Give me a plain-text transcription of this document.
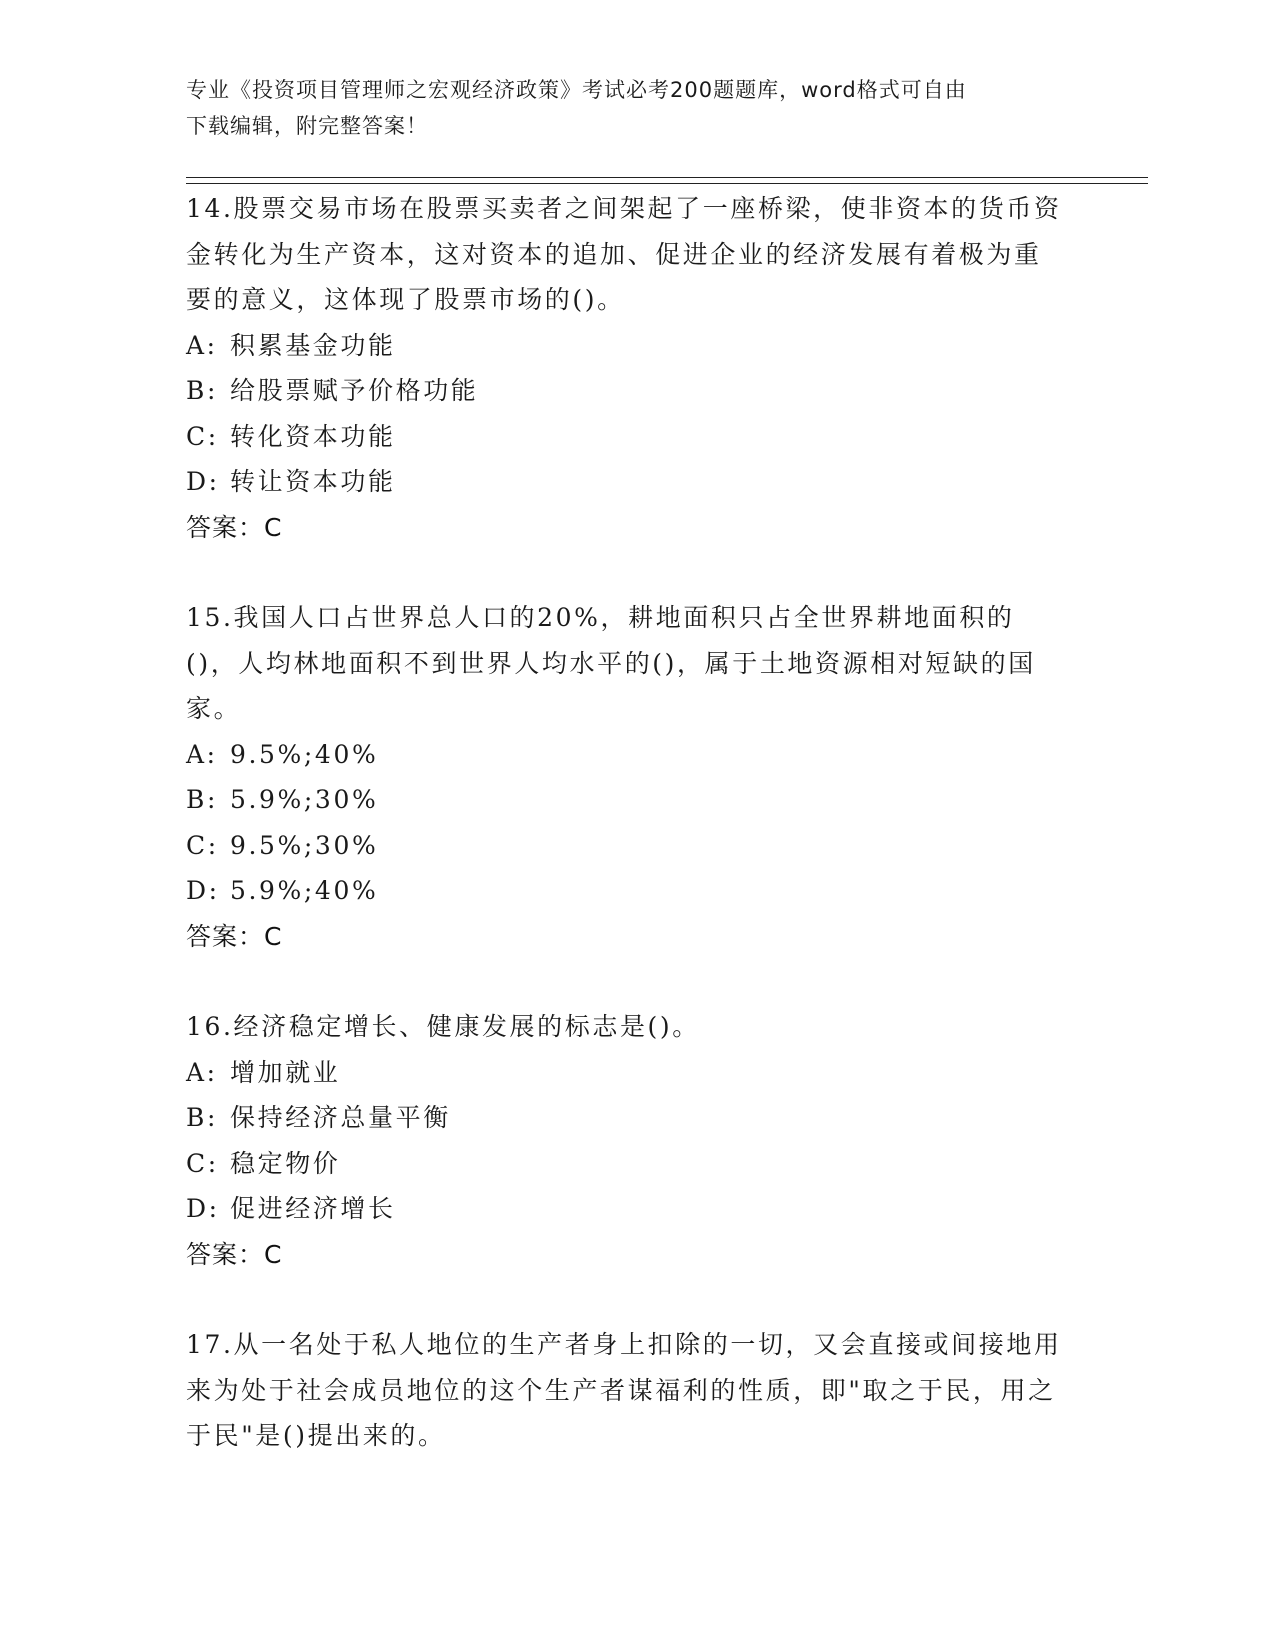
专业《投资项目管理师之宏观经济政策》考试必考200题题库，word格式可自由
下载编辑，附完整答案！

14.股票交易市场在股票买卖者之间架起了一座桥梁，使非资本的货币资金转化为生产资本，这对资本的追加、促进企业的经济发展有着极为重要的意义，这体现了股票市场的()。

A: 积累基金功能

B: 给股票赋予价格功能

C: 转化资本功能

D: 转让资本功能

答案：C

15.我国人口占世界总人口的20%，耕地面积只占全世界耕地面积的()，人均林地面积不到世界人均水平的()，属于土地资源相对短缺的国家。

A: 9.5%;40%

B: 5.9%;30%

C: 9.5%;30%

D: 5.9%;40%

答案：C

16.经济稳定增长、健康发展的标志是()。

A: 增加就业

B: 保持经济总量平衡

C: 稳定物价

D: 促进经济增长

答案：C

17.从一名处于私人地位的生产者身上扣除的一切，又会直接或间接地用来为处于社会成员地位的这个生产者谋福利的性质，即"取之于民，用之于民"是()提出来的。
